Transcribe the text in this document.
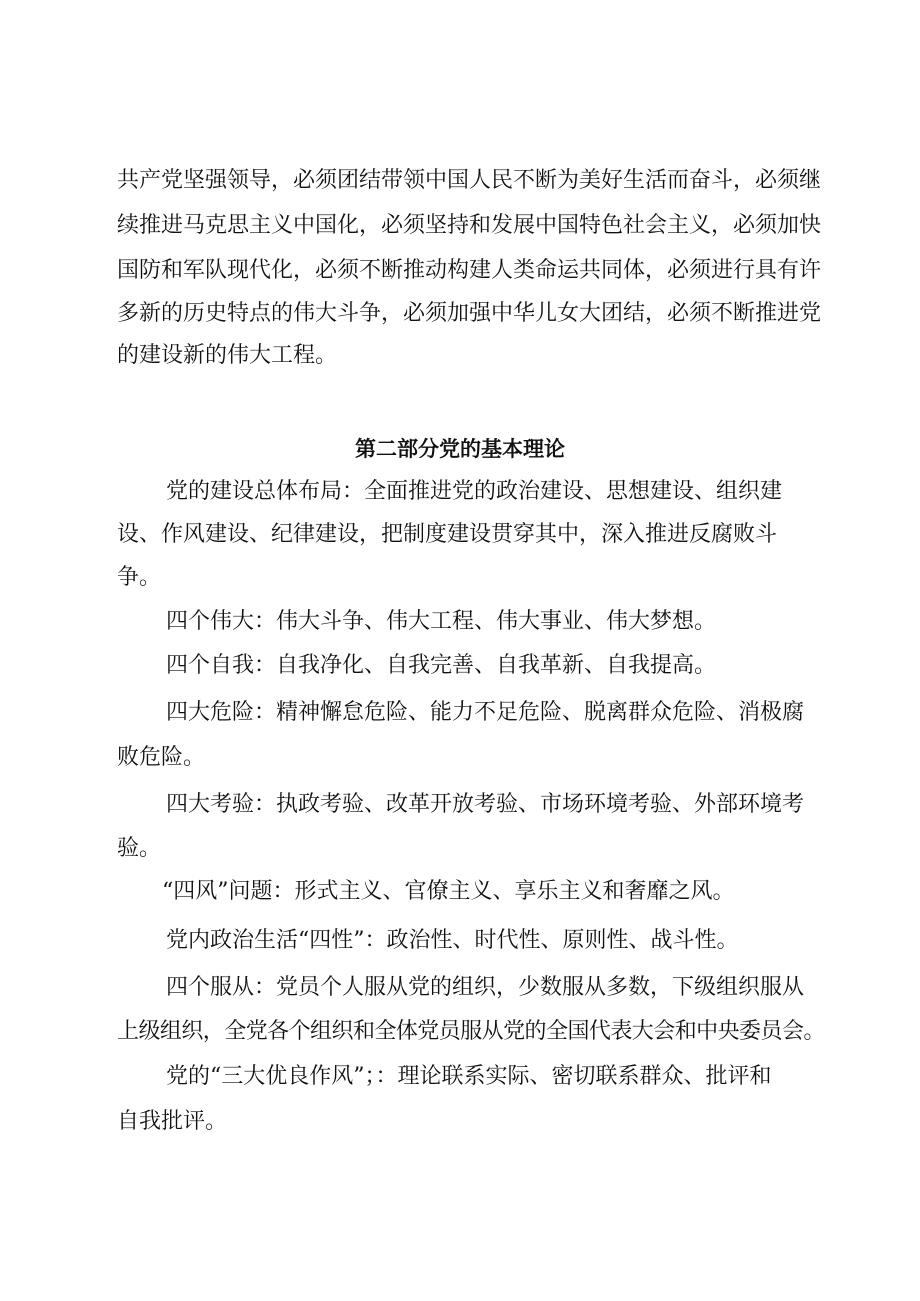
共产党坚强领导，必须团结带领中国人民不断为美好生活而奋斗，必须继
续推进马克思主义中国化，必须坚持和发展中国特色社会主义，必须加快
国防和军队现代化，必须不断推动构建人类命运共同体，必须进行具有许
多新的历史特点的伟大斗争，必须加强中华儿女大团结，必须不断推进党
的建设新的伟大工程。
第二部分党的基本理论
党的建设总体布局：全面推进党的政治建设、思想建设、组织建
设、作风建设、纪律建设，把制度建设贯穿其中，深入推进反腐败斗
争。
四个伟大：伟大斗争、伟大工程、伟大事业、伟大梦想。
四个自我：自我净化、自我完善、自我革新、自我提高。
四大危险：精神懈怠危险、能力不足危险、脱离群众危险、消极腐
败危险。
四大考验：执政考验、改革开放考验、市场环境考验、外部环境考
验。
“四风”问题：形式主义、官僚主义、享乐主义和奢靡之风。
党内政治生活“四性”：政治性、时代性、原则性、战斗性。
四个服从：党员个人服从党的组织，少数服从多数，下级组织服从
上级组织，全党各个组织和全体党员服从党的全国代表大会和中央委员会。
党的“三大优良作风”；：理论联系实际、密切联系群众、批评和
自我批评。
